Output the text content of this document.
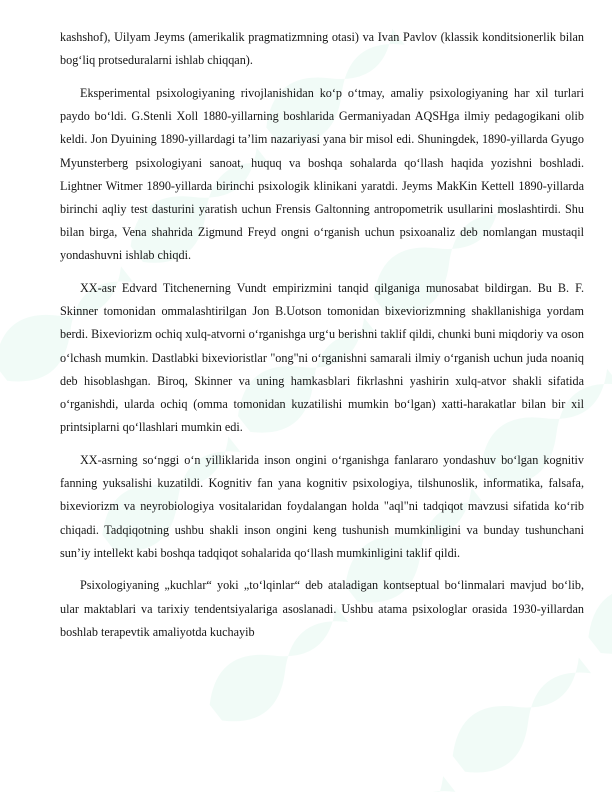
kashshof), Uilyam Jeyms (amerikalik pragmatizmning otasi) va Ivan Pavlov (klassik konditsionerlik bilan bog‘liq protseduralarni ishlab chiqqan).

Eksperimental psixologiyaning rivojlanishidan ko‘p o‘tmay, amaliy psixologiyaning har xil turlari paydo bo‘ldi. G.Stenli Xoll 1880-yillarning boshlarida Germaniyadan AQSHga ilmiy pedagogikani olib keldi. Jon Dyuining 1890-yillardagi ta’lim nazariyasi yana bir misol edi. Shuningdek, 1890-yillarda Gyugo Myunsterberg psixologiyani sanoat, huquq va boshqa sohalarda qo‘llash haqida yozishni boshladi. Lightner Witmer 1890-yillarda birinchi psixologik klinikani yaratdi. Jeyms MakKin Kettell 1890-yillarda birinchi aqliy test dasturini yaratish uchun Frensis Galtonning antropometrik usullarini moslashtirdi. Shu bilan birga, Vena shahrida Zigmund Freyd ongni o‘rganish uchun psixoanaliz deb nomlangan mustaqil yondashuvni ishlab chiqdi.

XX-asr Edvard Titchenerning Vundt empirizmini tanqid qilganiga munosabat bildirgan. Bu B. F. Skinner tomonidan ommalashtirilgan Jon B.Uotson tomonidan bixeviorizmning shakllanishiga yordam berdi. Bixeviorizm ochiq xulq-atvorni o‘rganishga urg‘u berishni taklif qildi, chunki buni miqdoriy va oson o‘lchash mumkin. Dastlabki bixevioristlar "ong"ni o‘rganishni samarali ilmiy o‘rganish uchun juda noaniq deb hisoblashgan. Biroq, Skinner va uning hamkasblari fikrlashni yashirin xulq-atvor shakli sifatida o‘rganishdi, ularda ochiq (omma tomonidan kuzatilishi mumkin bo‘lgan) xatti-harakatlar bilan bir xil printsiplarni qo‘llashlari mumkin edi.

XX-asrning so‘nggi o‘n yilliklarida inson ongini o‘rganishga fanlararo yondashuv bo‘lgan kognitiv fanning yuksalishi kuzatildi. Kognitiv fan yana kognitiv psixologiya, tilshunoslik, informatika, falsafa, bixeviorizm va neyrobiologiya vositalaridan foydalangan holda "aql"ni tadqiqot mavzusi sifatida ko‘rib chiqadi. Tadqiqotning ushbu shakli inson ongini keng tushunish mumkinligini va bunday tushunchani sun’iy intellekt kabi boshqa tadqiqot sohalarida qo‘llash mumkinligini taklif qildi.

Psixologiyaning „kuchlar“ yoki „to‘lqinlar“ deb ataladigan kontseptual bo‘linmalari mavjud bo‘lib, ular maktablari va tarixiy tendentsiyalariga asoslanadi. Ushbu atama psixologlar orasida 1930-yillardan boshlab terapevtik amaliyotda kuchayib
